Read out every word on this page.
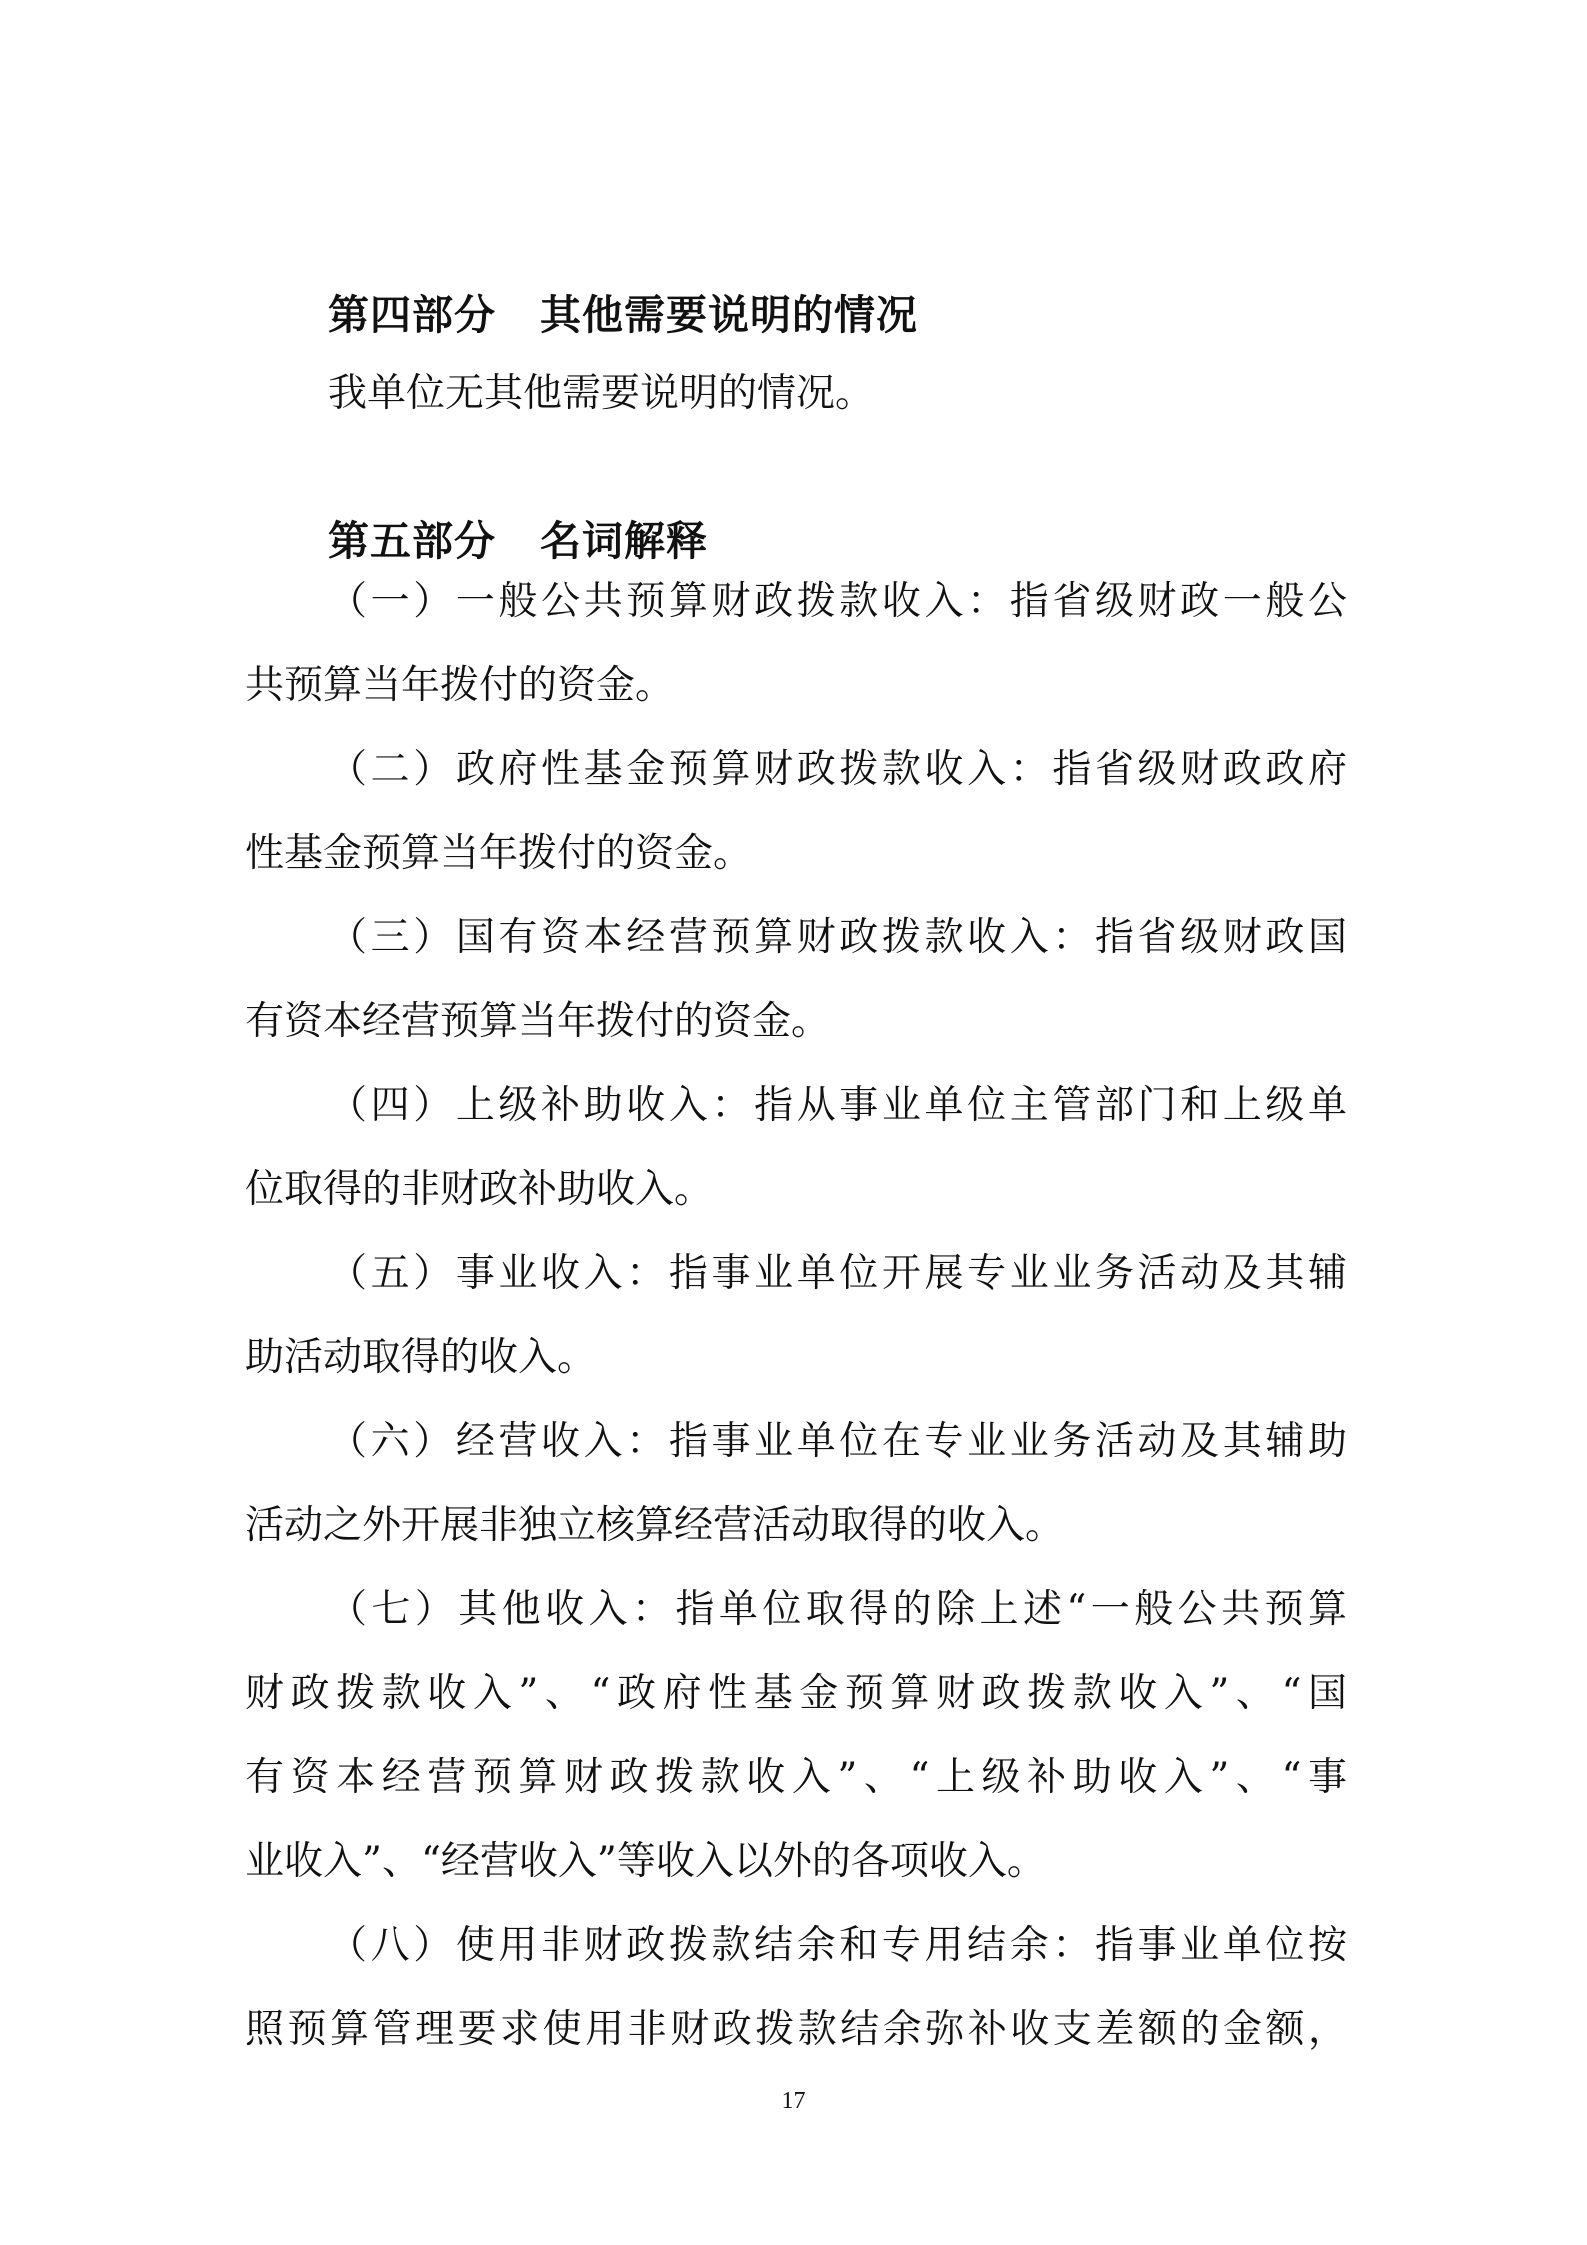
第四部分 其他需要说明的情况

我单位无其他需要说明的情况。

第五部分 名词解释

（一）一般公共预算财政拨款收入：指省级财政一般公

共预算当年拨付的资金。

（二）政府性基金预算财政拨款收入：指省级财政政府

性基金预算当年拨付的资金。

（三）国有资本经营预算财政拨款收入：指省级财政国

有资本经营预算当年拨付的资金。

（四）上级补助收入：指从事业单位主管部门和上级单

位取得的非财政补助收入。

（五）事业收入：指事业单位开展专业业务活动及其辅

助活动取得的收入。

（六）经营收入：指事业单位在专业业务活动及其辅助

活动之外开展非独立核算经营活动取得的收入。

（七）其他收入：指单位取得的除上述“一般公共预算

财政拨款收入”、“政府性基金预算财政拨款收入”、“国

有资本经营预算财政拨款收入”、“上级补助收入”、“事

业收入”、“经营收入”等收入以外的各项收入。

（八）使用非财政拨款结余和专用结余：指事业单位按

照预算管理要求使用非财政拨款结余弥补收支差额的金额，

17
